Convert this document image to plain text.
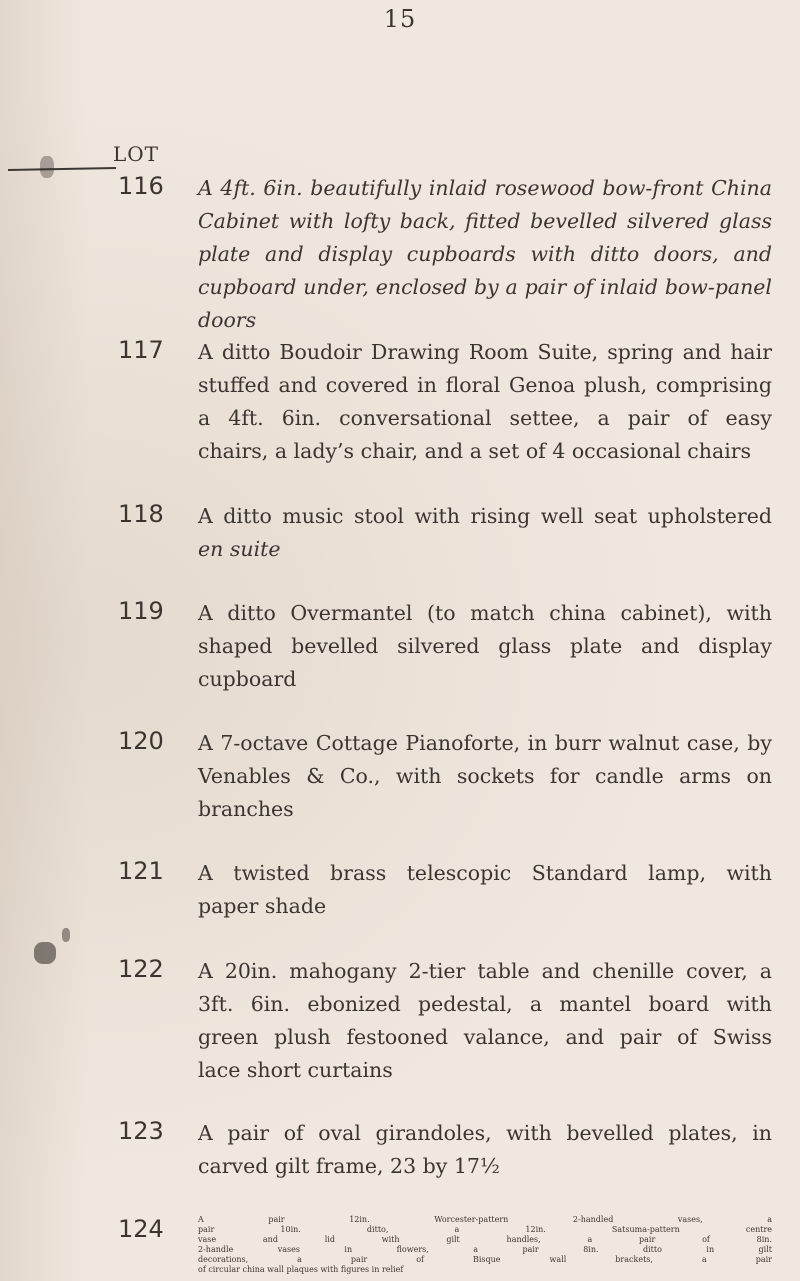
15
LOT
116	A 4ft. 6in. beautifully inlaid rosewood bow-front China
Cabinet with lofty back, fitted bevelled silvered glass
plate and display cupboards with ditto doors, and
cupboard under, enclosed by a pair of inlaid bow-panel
doors
117	A ditto Boudoir Drawing Room Suite, spring and hair
stuffed and covered in floral Genoa plush, comprising
a 4ft. 6in. conversational settee, a pair of easy
chairs, a lady’s chair, and a set of 4 occasional chairs
118	A ditto music stool with rising well seat upholstered
en suite
119	A ditto Overmantel (to match china cabinet), with
shaped bevelled silvered glass plate and display
cupboard
120	A 7-octave Cottage Pianoforte, in burr walnut case, by
Venables & Co., with sockets for candle arms on
branches
121	A twisted brass telescopic Standard lamp, with
paper shade
122	A 20in. mahogany 2-tier table and chenille cover, a
3ft. 6in. ebonized pedestal, a mantel board with
green plush festooned valance, and pair of Swiss
lace short curtains
123	A pair of oval girandoles, with bevelled plates, in
carved gilt frame, 23 by 17½
124	A pair 12in. Worcester-pattern 2-handled vases, a
pair 10in. ditto, a 12in. Satsuma-pattern centre
vase and lid with gilt handles, a pair of 8in.
2-handle vases in flowers, a pair 8in. ditto in gilt
decorations, a pair of Bisque wall brackets, a pair
of circular china wall plaques with figures in relief
